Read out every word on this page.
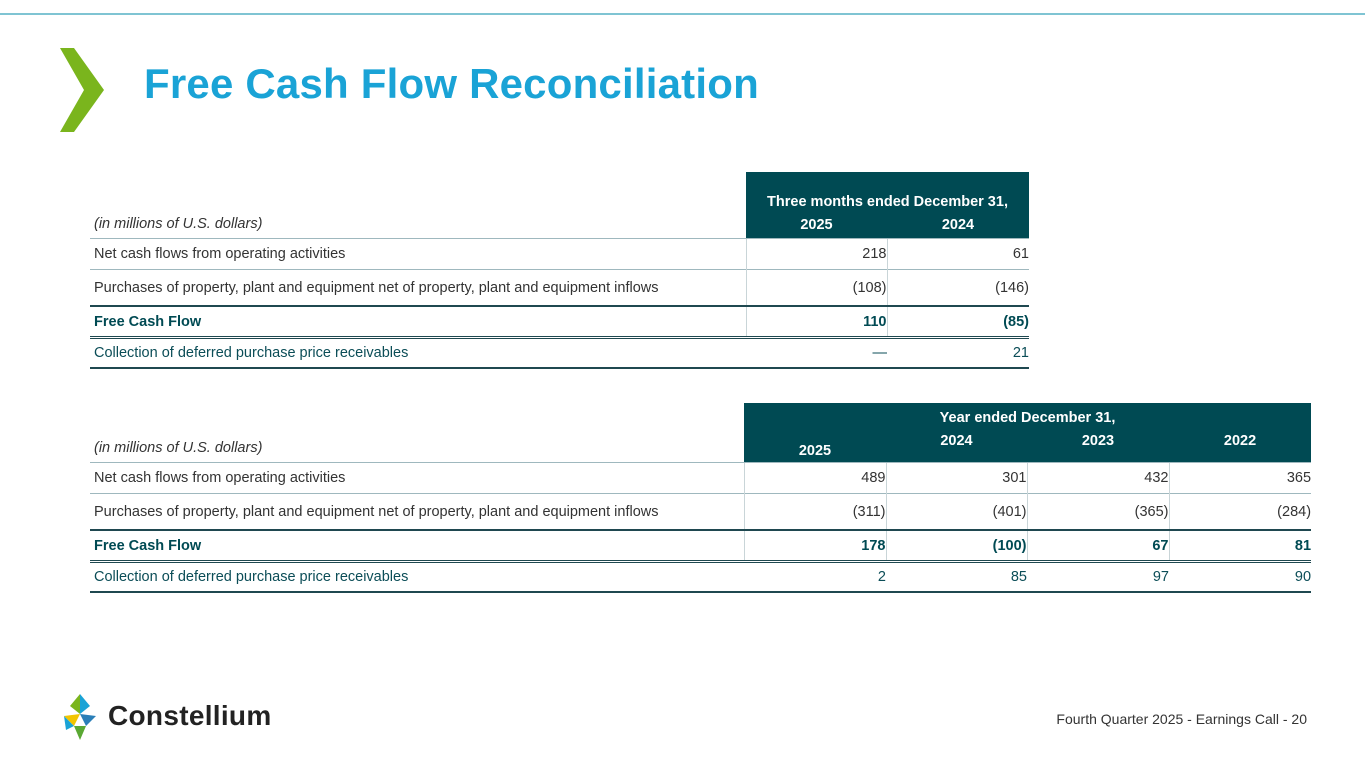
Free Cash Flow Reconciliation
(in millions of U.S. dollars)	Three months ended December 31,	
	2025	2024
Net cash flows from operating activities	218	61
Purchases of property, plant and equipment net of property, plant and equipment inflows	(108)	(146)
Free Cash Flow	110	(85)
Collection of deferred purchase price receivables	—	21
(in millions of U.S. dollars)	Year ended December 31,			
	2025	2024	2023	2022
Net cash flows from operating activities	489	301	432	365
Purchases of property, plant and equipment net of property, plant and equipment inflows	(311)	(401)	(365)	(284)
Free Cash Flow	178	(100)	67	81
Collection of deferred purchase price receivables	2	85	97	90
Constellium	Fourth Quarter 2025 - Earnings Call - 20
